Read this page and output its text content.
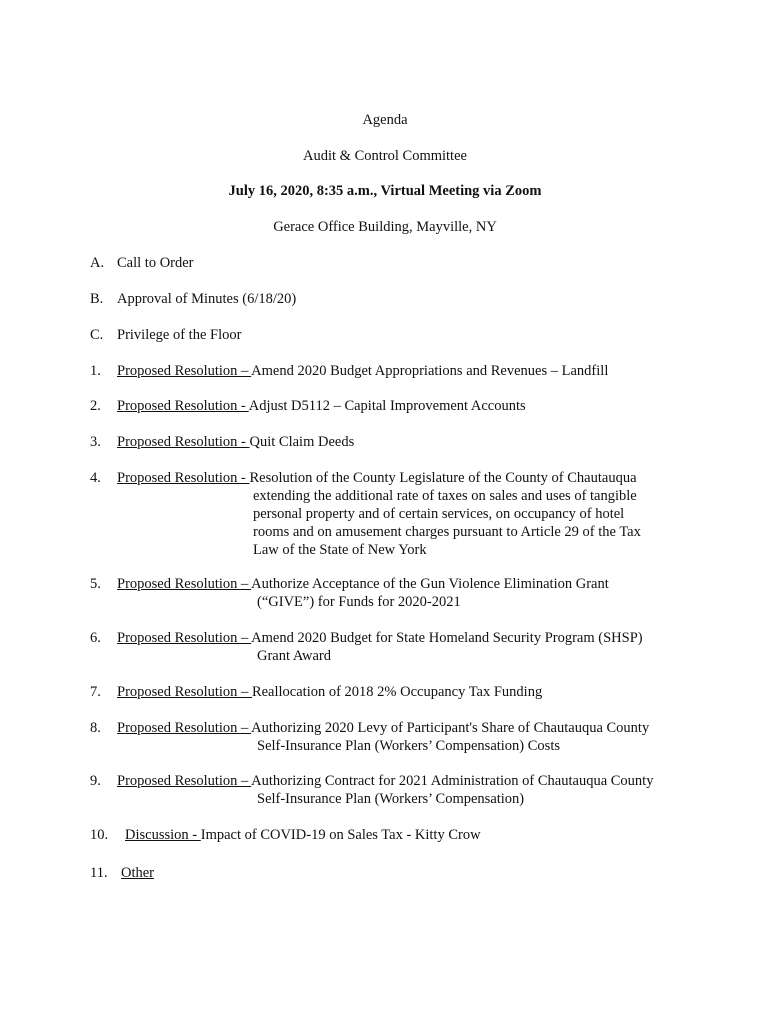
Agenda
Audit & Control Committee
July 16, 2020, 8:35 a.m., Virtual Meeting via Zoom
Gerace Office Building, Mayville, NY
A. Call to Order
B. Approval of Minutes (6/18/20)
C. Privilege of the Floor
1. Proposed Resolution – Amend 2020 Budget Appropriations and Revenues – Landfill
2. Proposed Resolution - Adjust D5112 – Capital Improvement Accounts
3. Proposed Resolution - Quit Claim Deeds
4. Proposed Resolution - Resolution of the County Legislature of the County of Chautauqua
extending the additional rate of taxes on sales and uses of tangible
personal property and of certain services, on occupancy of hotel
rooms and on amusement charges pursuant to Article 29 of the Tax
Law of the State of New York
5. Proposed Resolution – Authorize Acceptance of the Gun Violence Elimination Grant
(“GIVE”) for Funds for 2020-2021
6. Proposed Resolution – Amend 2020 Budget for State Homeland Security Program (SHSP)
Grant Award
7. Proposed Resolution – Reallocation of 2018 2% Occupancy Tax Funding
8. Proposed Resolution – Authorizing 2020 Levy of Participant's Share of Chautauqua County
Self-Insurance Plan (Workers’ Compensation) Costs
9. Proposed Resolution – Authorizing Contract for 2021 Administration of Chautauqua County
Self-Insurance Plan (Workers’ Compensation)
10. Discussion - Impact of COVID-19 on Sales Tax - Kitty Crow
11. Other
